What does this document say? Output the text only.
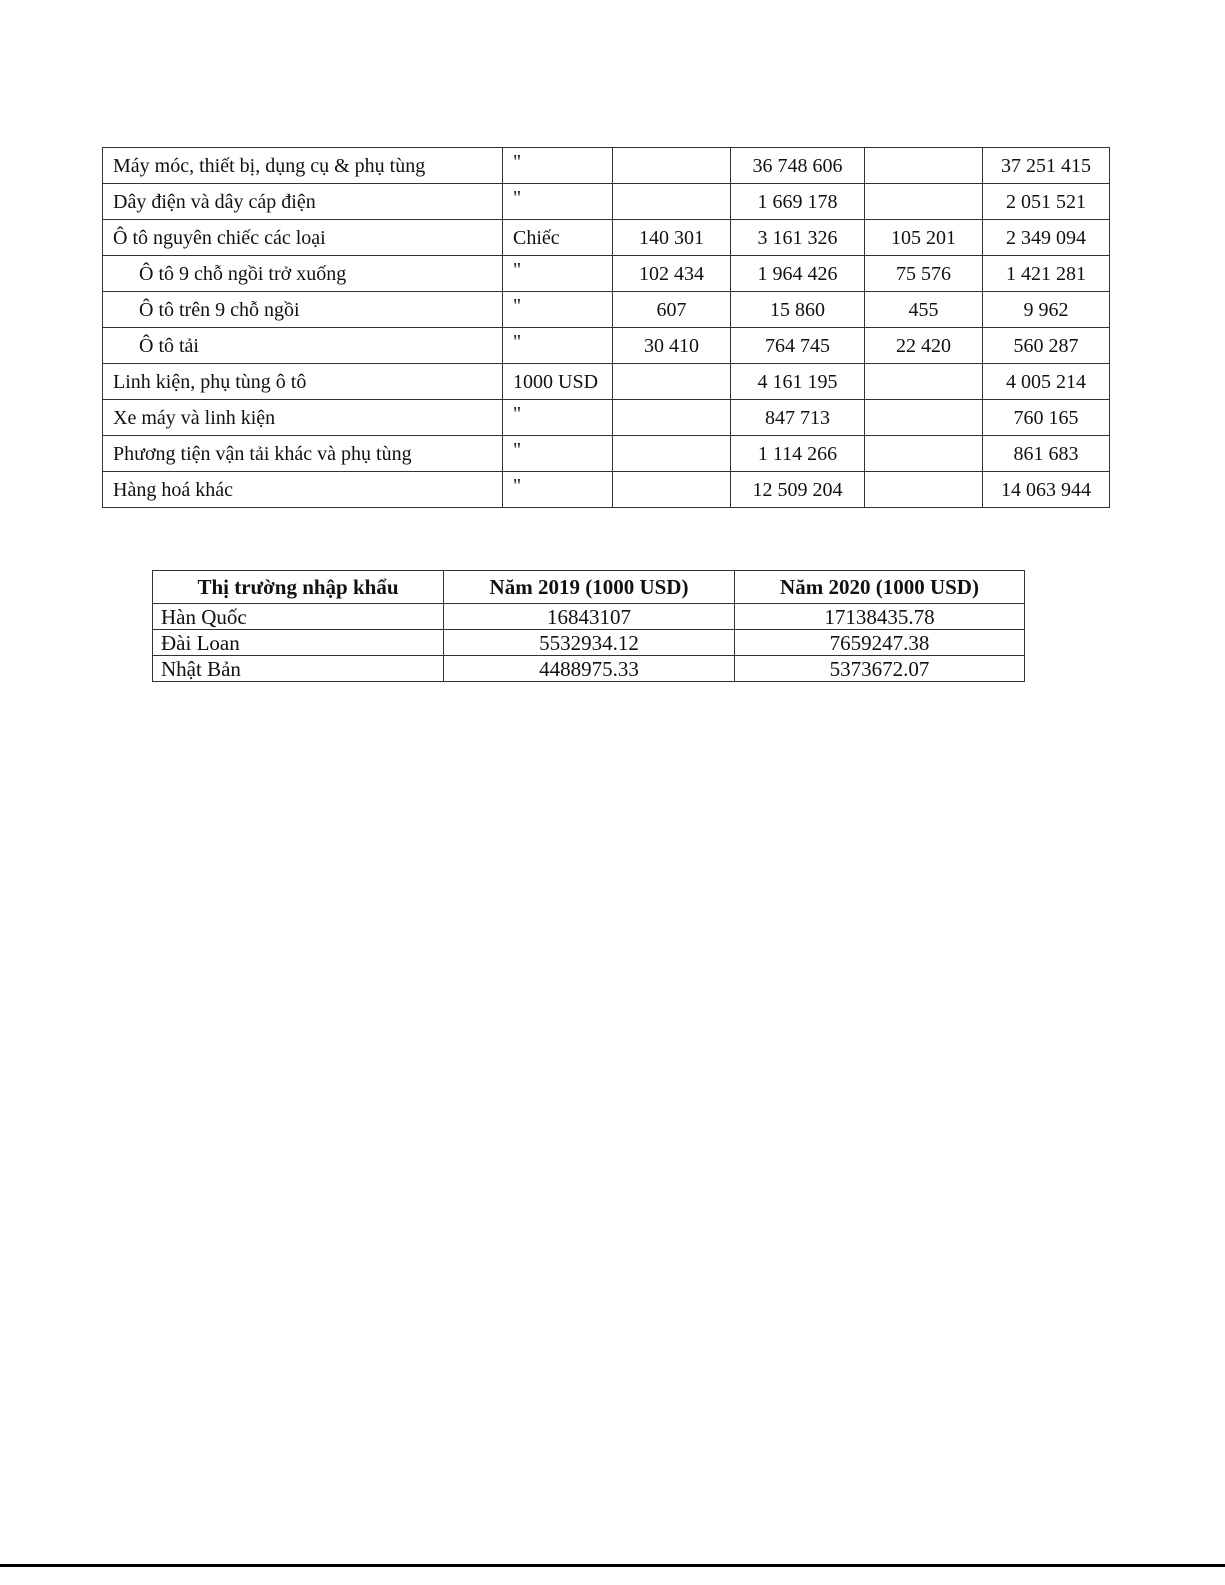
Máy móc, thiết bị, dụng cụ & phụ tùng	"		36 748 606		37 251 415
Dây điện và dây cáp điện	"		1 669 178		2 051 521
Ô tô nguyên chiếc các loại	Chiếc	140 301	3 161 326	105 201	2 349 094
Ô tô 9 chỗ ngồi trở xuống	"	102 434	1 964 426	75 576	1 421 281
Ô tô trên 9 chỗ ngồi	"	607	15 860	455	9 962
Ô tô tải	"	30 410	764 745	22 420	560 287
Linh kiện, phụ tùng ô tô	1000 USD		4 161 195		4 005 214
Xe máy và linh kiện	"		847 713		760 165
Phương tiện vận tải khác và phụ tùng	"		1 114 266		861 683
Hàng hoá khác	"		12 509 204		14 063 944
Thị trường nhập khẩu	Năm 2019 (1000 USD)	Năm 2020 (1000 USD)
Hàn Quốc	16843107	17138435.78
Đài Loan	5532934.12	7659247.38
Nhật Bản	4488975.33	5373672.07
